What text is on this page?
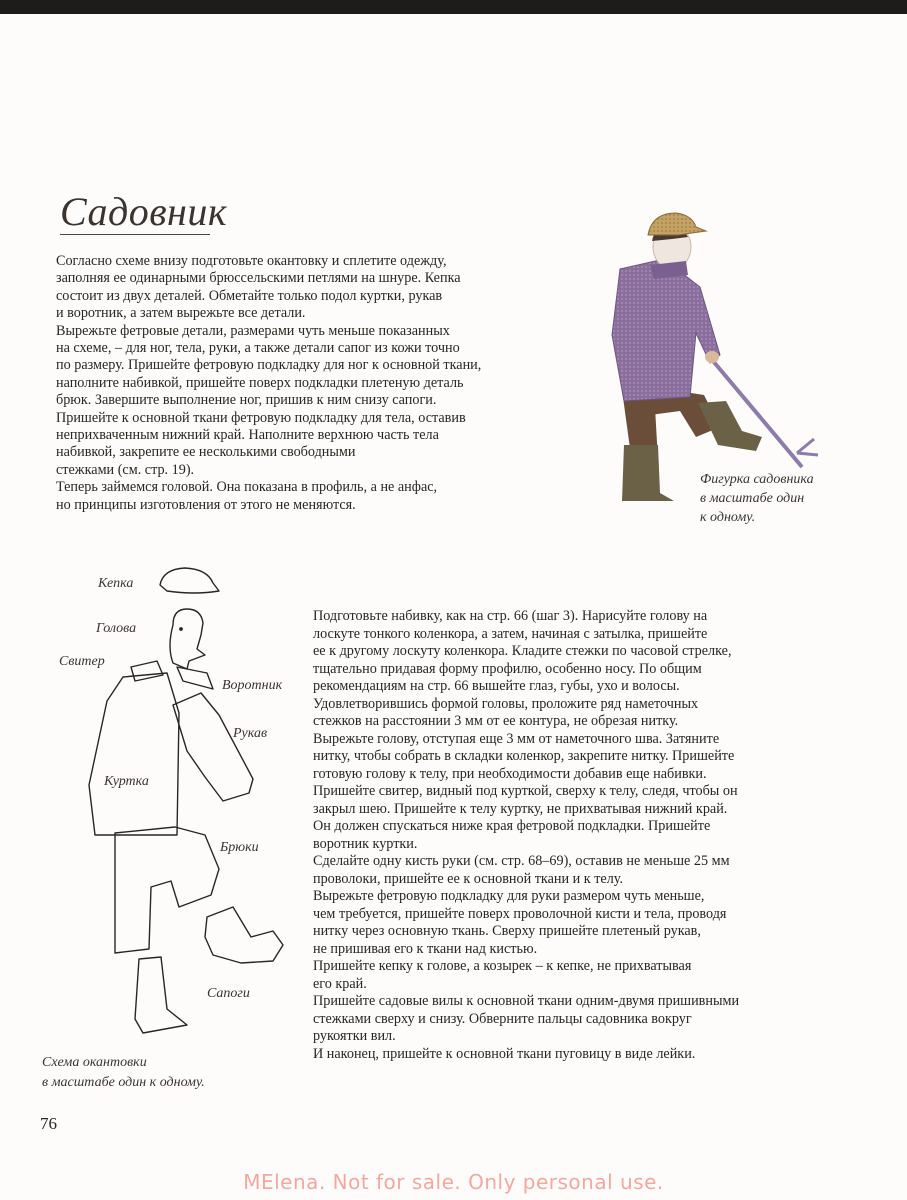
Садовник

Согласно схеме внизу подготовьте окантовку и сплетите одежду,
заполняя ее одинарными брюссельскими петлями на шнуре. Кепка
состоит из двух деталей. Обметайте только подол куртки, рукав
и воротник, а затем вырежьте все детали.
Вырежьте фетровые детали, размерами чуть меньше показанных
на схеме, – для ног, тела, руки, а также детали сапог из кожи точно
по размеру. Пришейте фетровую подкладку для ног к основной ткани,
наполните набивкой, пришейте поверх подкладки плетеную деталь
брюк. Завершите выполнение ног, пришив к ним снизу сапоги.
Пришейте к основной ткани фетровую подкладку для тела, оставив
неприхваченным нижний край. Наполните верхнюю часть тела
набивкой, закрепите ее несколькими свободными
стежками (см. стр. 19).
Теперь займемся головой. Она показана в профиль, а не анфас,
но принципы изготовления от этого не меняются.

Фигурка садовника
в масштабе один
к одному.
Кепка
Голова
Свитер
Воротник
Рукав
Куртка
Брюки
Сапоги

Подготовьте набивку, как на стр. 66 (шаг 3). Нарисуйте голову на
лоскуте тонкого коленкора, а затем, начиная с затылка, пришейте
ее к другому лоскуту коленкора. Кладите стежки по часовой стрелке,
тщательно придавая форму профилю, особенно носу. По общим
рекомендациям на стр. 66 вышейте глаз, губы, ухо и волосы.
Удовлетворившись формой головы, проложите ряд наметочных
стежков на расстоянии 3 мм от ее контура, не обрезая нитку.
Вырежьте голову, отступая еще 3 мм от наметочного шва. Затяните
нитку, чтобы собрать в складки коленкор, закрепите нитку. Пришейте
готовую голову к телу, при необходимости добавив еще набивки.
Пришейте свитер, видный под курткой, сверху к телу, следя, чтобы он
закрыл шею. Пришейте к телу куртку, не прихватывая нижний край.
Он должен спускаться ниже края фетровой подкладки. Пришейте
воротник куртки.
Сделайте одну кисть руки (см. стр. 68–69), оставив не меньше 25 мм
проволоки, пришейте ее к основной ткани и к телу.
Вырежьте фетровую подкладку для руки размером чуть меньше,
чем требуется, пришейте поверх проволочной кисти и тела, проводя
нитку через основную ткань. Сверху пришейте плетеный рукав,
не пришивая его к ткани над кистью.
Пришейте кепку к голове, а козырек – к кепке, не прихватывая
его край.
Пришейте садовые вилы к основной ткани одним-двумя пришивными
стежками сверху и снизу. Обверните пальцы садовника вокруг
рукоятки вил.
И наконец, пришейте к основной ткани пуговицу в виде лейки.

Схема окантовки
в масштабе один к одному.
76
MElena. Not for sale. Only personal use.
